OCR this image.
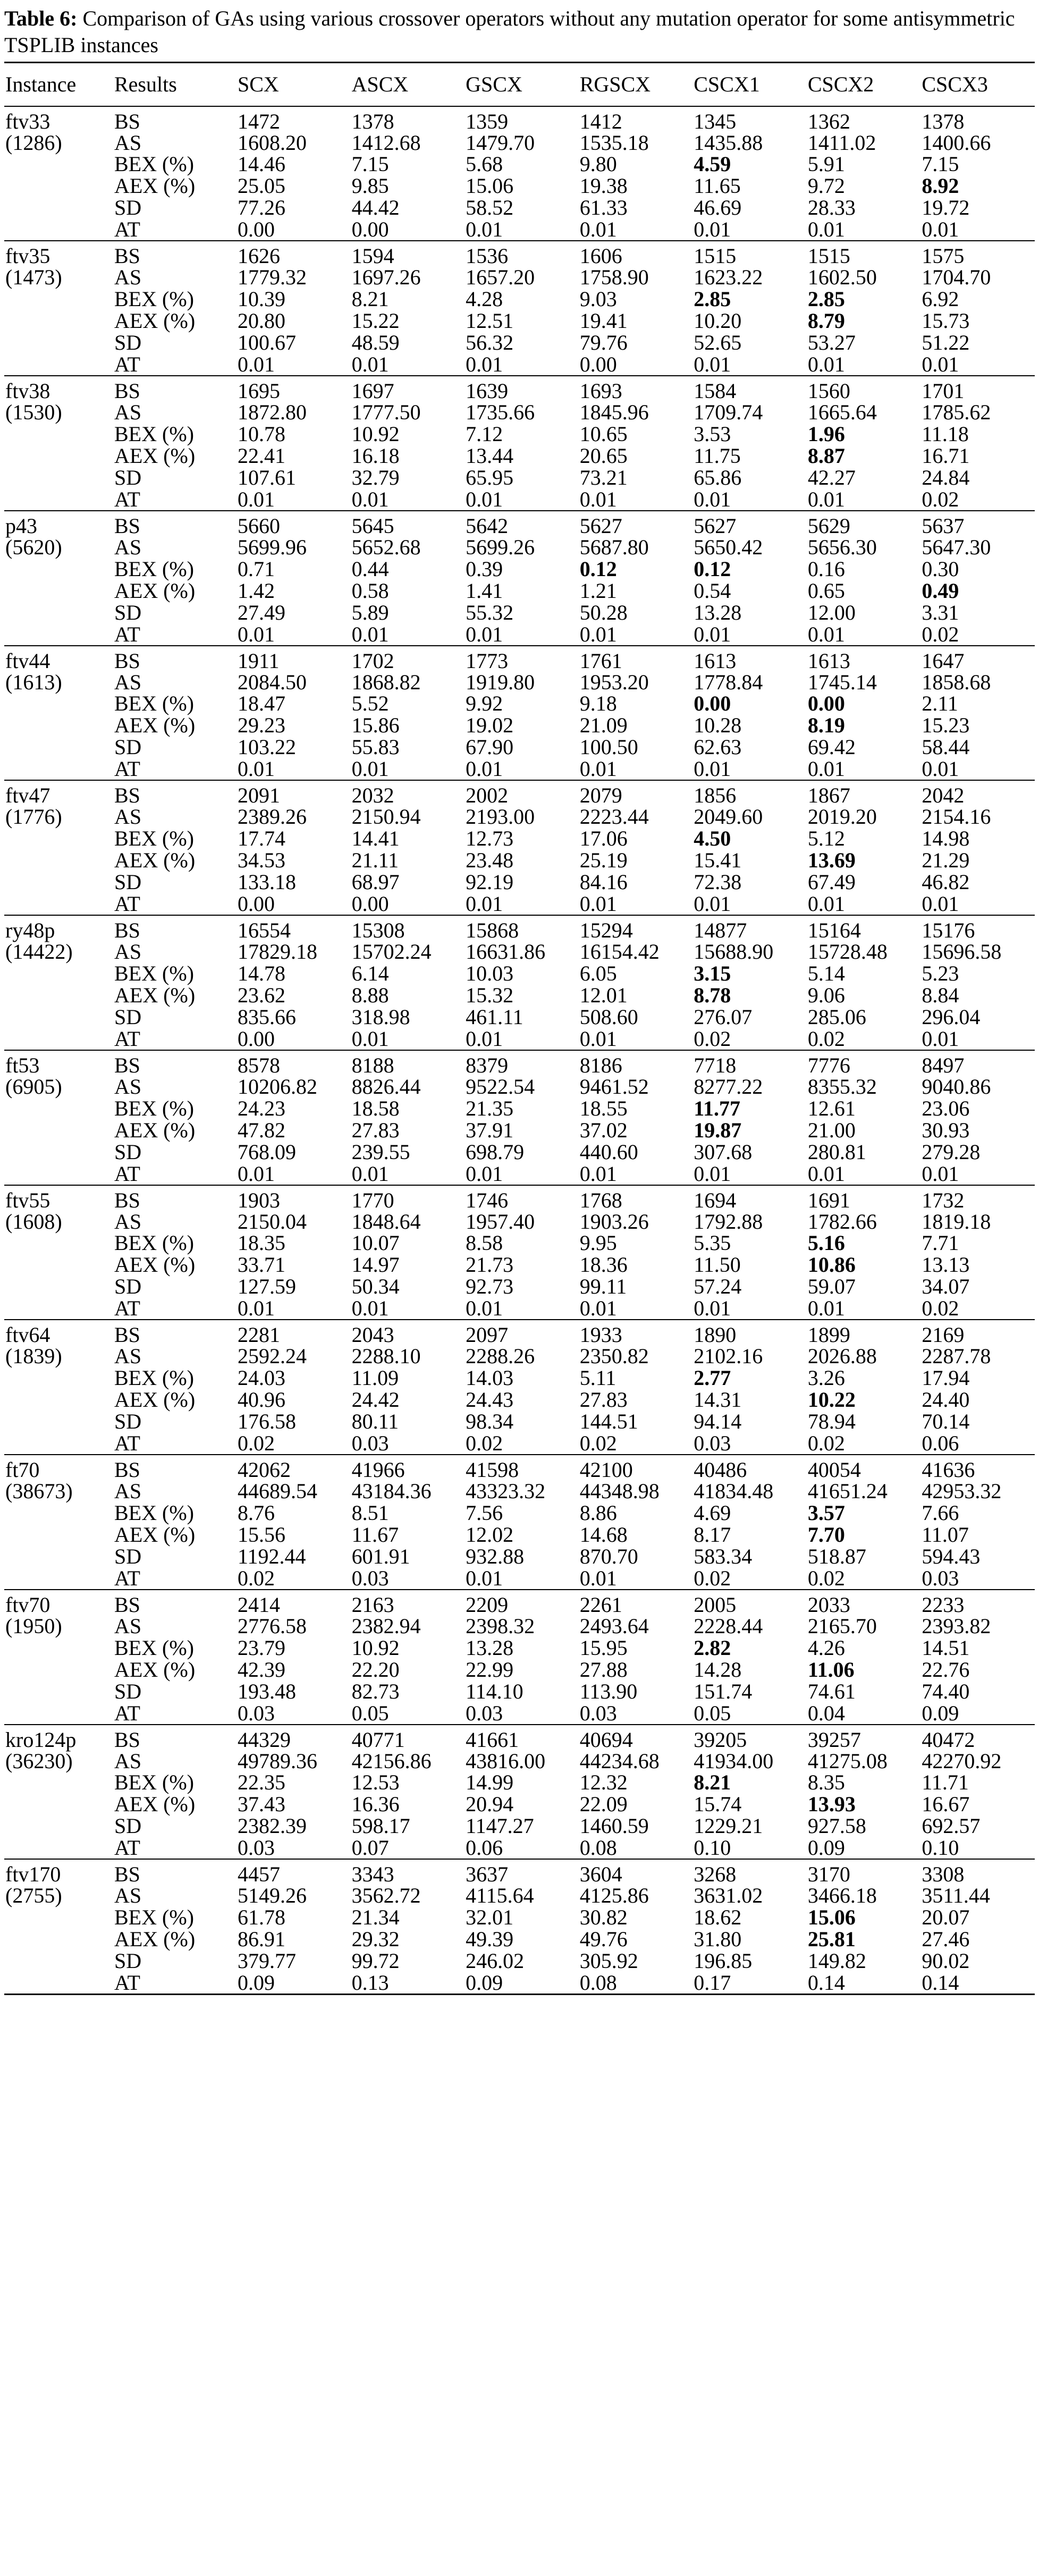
Table 6: Comparison of GAs using various crossover operators without any mutation operator for some antisymmetric TSPLIB instances

Instance	Results	SCX	ASCX	GSCX	RGSCX	CSCX1	CSCX2	CSCX3

ftv33	BS	1472	1378	1359	1412	1345	1362	1378

(1286)	AS	1608.20	1412.68	1479.70	1535.18	1435.88	1411.02	1400.66
	BEX (%)	14.46	7.15	5.68	9.80	4.59	5.91	7.15
	AEX (%)	25.05	9.85	15.06	19.38	11.65	9.72	8.92
	SD	77.26	44.42	58.52	61.33	46.69	28.33	19.72
	AT	0.00	0.00	0.01	0.01	0.01	0.01	0.01

ftv35	BS	1626	1594	1536	1606	1515	1515	1575

(1473)	AS	1779.32	1697.26	1657.20	1758.90	1623.22	1602.50	1704.70
	BEX (%)	10.39	8.21	4.28	9.03	2.85	2.85	6.92
	AEX (%)	20.80	15.22	12.51	19.41	10.20	8.79	15.73
	SD	100.67	48.59	56.32	79.76	52.65	53.27	51.22
	AT	0.01	0.01	0.01	0.00	0.01	0.01	0.01

ftv38	BS	1695	1697	1639	1693	1584	1560	1701

(1530)	AS	1872.80	1777.50	1735.66	1845.96	1709.74	1665.64	1785.62
	BEX (%)	10.78	10.92	7.12	10.65	3.53	1.96	11.18
	AEX (%)	22.41	16.18	13.44	20.65	11.75	8.87	16.71
	SD	107.61	32.79	65.95	73.21	65.86	42.27	24.84
	AT	0.01	0.01	0.01	0.01	0.01	0.01	0.02

p43	BS	5660	5645	5642	5627	5627	5629	5637

(5620)	AS	5699.96	5652.68	5699.26	5687.80	5650.42	5656.30	5647.30
	BEX (%)	0.71	0.44	0.39	0.12	0.12	0.16	0.30
	AEX (%)	1.42	0.58	1.41	1.21	0.54	0.65	0.49
	SD	27.49	5.89	55.32	50.28	13.28	12.00	3.31
	AT	0.01	0.01	0.01	0.01	0.01	0.01	0.02

ftv44	BS	1911	1702	1773	1761	1613	1613	1647

(1613)	AS	2084.50	1868.82	1919.80	1953.20	1778.84	1745.14	1858.68
	BEX (%)	18.47	5.52	9.92	9.18	0.00	0.00	2.11
	AEX (%)	29.23	15.86	19.02	21.09	10.28	8.19	15.23
	SD	103.22	55.83	67.90	100.50	62.63	69.42	58.44
	AT	0.01	0.01	0.01	0.01	0.01	0.01	0.01

ftv47	BS	2091	2032	2002	2079	1856	1867	2042

(1776)	AS	2389.26	2150.94	2193.00	2223.44	2049.60	2019.20	2154.16
	BEX (%)	17.74	14.41	12.73	17.06	4.50	5.12	14.98
	AEX (%)	34.53	21.11	23.48	25.19	15.41	13.69	21.29
	SD	133.18	68.97	92.19	84.16	72.38	67.49	46.82
	AT	0.00	0.00	0.01	0.01	0.01	0.01	0.01

ry48p	BS	16554	15308	15868	15294	14877	15164	15176

(14422)	AS	17829.18	15702.24	16631.86	16154.42	15688.90	15728.48	15696.58
	BEX (%)	14.78	6.14	10.03	6.05	3.15	5.14	5.23
	AEX (%)	23.62	8.88	15.32	12.01	8.78	9.06	8.84
	SD	835.66	318.98	461.11	508.60	276.07	285.06	296.04
	AT	0.00	0.01	0.01	0.01	0.02	0.02	0.01

ft53	BS	8578	8188	8379	8186	7718	7776	8497

(6905)	AS	10206.82	8826.44	9522.54	9461.52	8277.22	8355.32	9040.86
	BEX (%)	24.23	18.58	21.35	18.55	11.77	12.61	23.06
	AEX (%)	47.82	27.83	37.91	37.02	19.87	21.00	30.93
	SD	768.09	239.55	698.79	440.60	307.68	280.81	279.28
	AT	0.01	0.01	0.01	0.01	0.01	0.01	0.01

ftv55	BS	1903	1770	1746	1768	1694	1691	1732

(1608)	AS	2150.04	1848.64	1957.40	1903.26	1792.88	1782.66	1819.18
	BEX (%)	18.35	10.07	8.58	9.95	5.35	5.16	7.71
	AEX (%)	33.71	14.97	21.73	18.36	11.50	10.86	13.13
	SD	127.59	50.34	92.73	99.11	57.24	59.07	34.07
	AT	0.01	0.01	0.01	0.01	0.01	0.01	0.02

ftv64	BS	2281	2043	2097	1933	1890	1899	2169

(1839)	AS	2592.24	2288.10	2288.26	2350.82	2102.16	2026.88	2287.78
	BEX (%)	24.03	11.09	14.03	5.11	2.77	3.26	17.94
	AEX (%)	40.96	24.42	24.43	27.83	14.31	10.22	24.40
	SD	176.58	80.11	98.34	144.51	94.14	78.94	70.14
	AT	0.02	0.03	0.02	0.02	0.03	0.02	0.06

ft70	BS	42062	41966	41598	42100	40486	40054	41636

(38673)	AS	44689.54	43184.36	43323.32	44348.98	41834.48	41651.24	42953.32
	BEX (%)	8.76	8.51	7.56	8.86	4.69	3.57	7.66
	AEX (%)	15.56	11.67	12.02	14.68	8.17	7.70	11.07
	SD	1192.44	601.91	932.88	870.70	583.34	518.87	594.43
	AT	0.02	0.03	0.01	0.01	0.02	0.02	0.03

ftv70	BS	2414	2163	2209	2261	2005	2033	2233

(1950)	AS	2776.58	2382.94	2398.32	2493.64	2228.44	2165.70	2393.82
	BEX (%)	23.79	10.92	13.28	15.95	2.82	4.26	14.51
	AEX (%)	42.39	22.20	22.99	27.88	14.28	11.06	22.76
	SD	193.48	82.73	114.10	113.90	151.74	74.61	74.40
	AT	0.03	0.05	0.03	0.03	0.05	0.04	0.09

kro124p	BS	44329	40771	41661	40694	39205	39257	40472

(36230)	AS	49789.36	42156.86	43816.00	44234.68	41934.00	41275.08	42270.92
	BEX (%)	22.35	12.53	14.99	12.32	8.21	8.35	11.71
	AEX (%)	37.43	16.36	20.94	22.09	15.74	13.93	16.67
	SD	2382.39	598.17	1147.27	1460.59	1229.21	927.58	692.57
	AT	0.03	0.07	0.06	0.08	0.10	0.09	0.10

ftv170	BS	4457	3343	3637	3604	3268	3170	3308

(2755)	AS	5149.26	3562.72	4115.64	4125.86	3631.02	3466.18	3511.44
	BEX (%)	61.78	21.34	32.01	30.82	18.62	15.06	20.07
	AEX (%)	86.91	29.32	49.39	49.76	31.80	25.81	27.46
	SD	379.77	99.72	246.02	305.92	196.85	149.82	90.02
	AT	0.09	0.13	0.09	0.08	0.17	0.14	0.14
